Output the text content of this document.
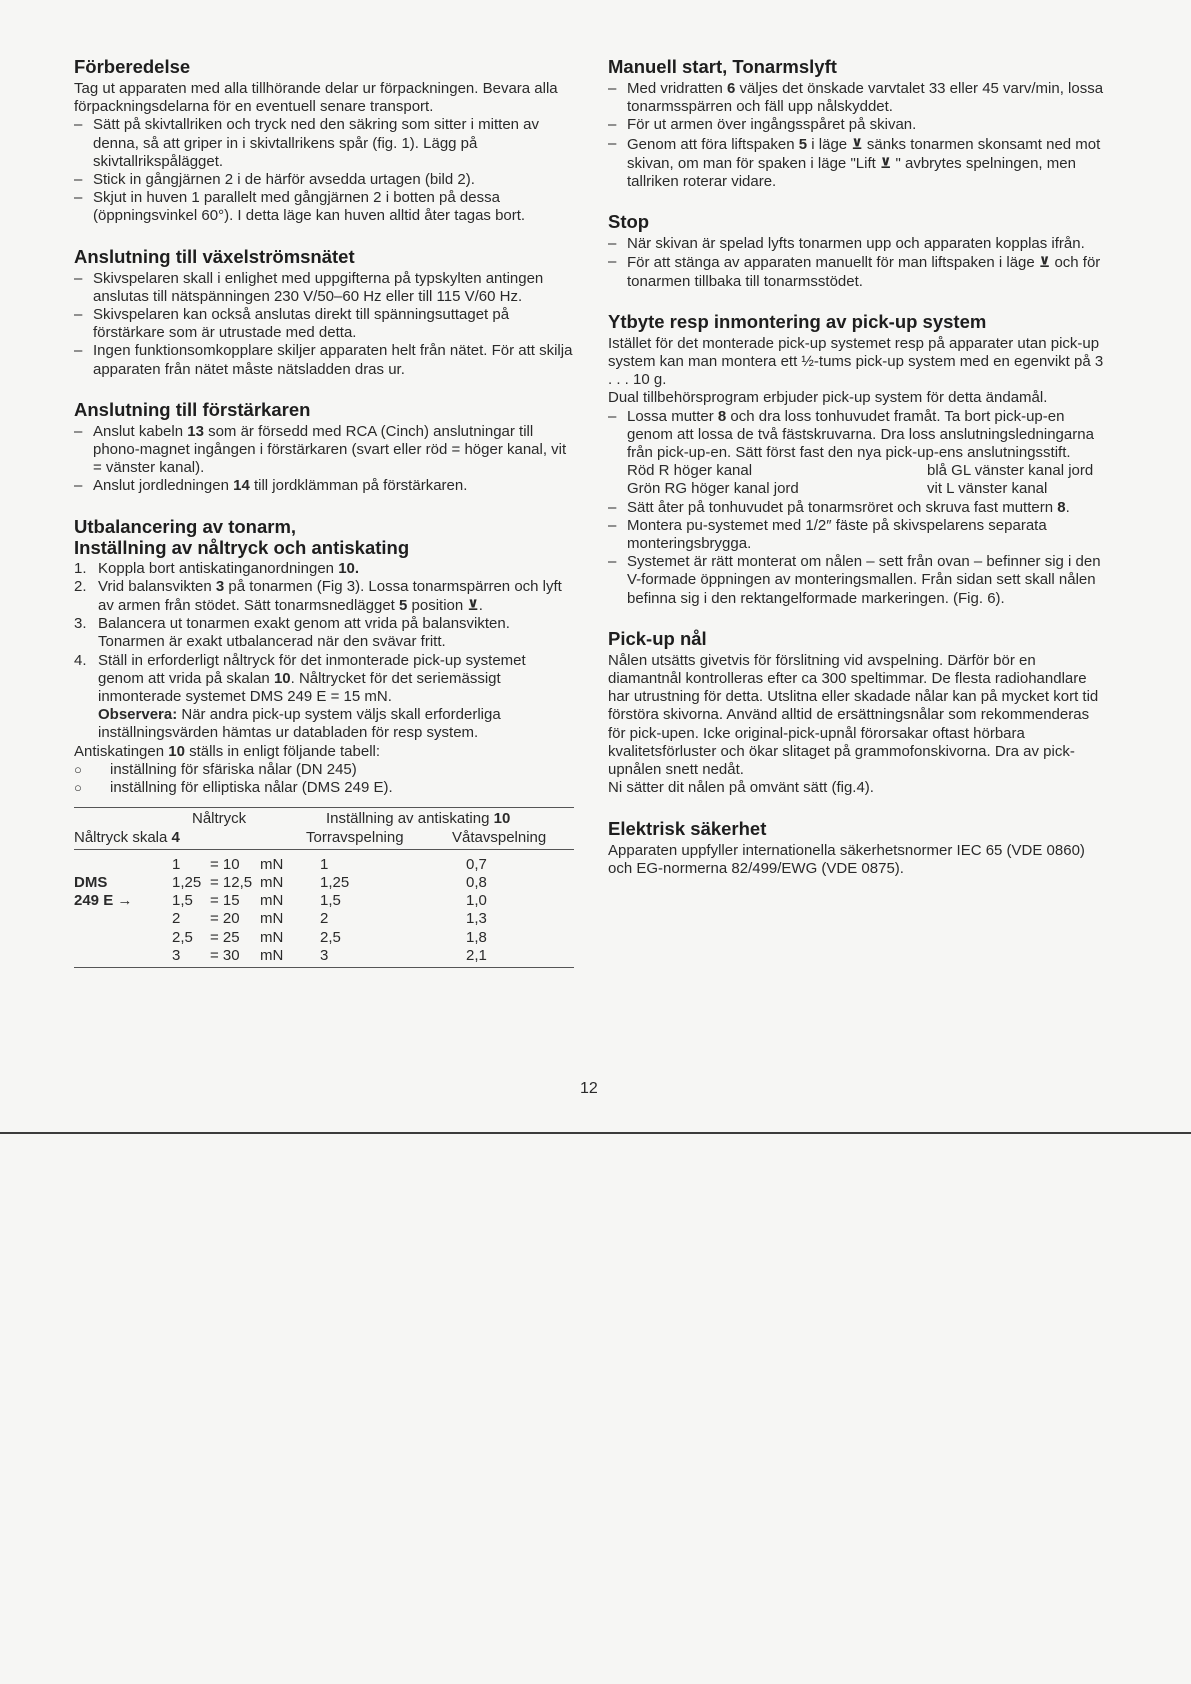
Förberedelse

Tag ut apparaten med alla tillhörande delar ur förpackningen. Bevara alla förpackningsdelarna för en eventuell senare transport.

– Sätt på skivtallriken och tryck ned den säkring som sitter i mitten av denna, så att griper in i skivtallrikens spår (fig. 1). Lägg på skivtallrikspålägget.
– Stick in gångjärnen 2 i de härför avsedda urtagen (bild 2).
– Skjut in huven 1 parallelt med gångjärnen 2 i botten på dessa (öppningsvinkel 60°). I detta läge kan huven alltid åter tagas bort.
Anslutning till växelströmsnätet
– Skivspelaren skall i enlighet med uppgifterna på typskylten antingen anslutas till nätspänningen 230 V/50–60 Hz eller till 115 V/60 Hz.
– Skivspelaren kan också anslutas direkt till spänningsuttaget på förstärkare som är utrustade med detta.
– Ingen funktionsomkopplare skiljer apparaten helt från nätet. För att skilja apparaten från nätet måste nätsladden dras ur.
Anslutning till förstärkaren
– Anslut kabeln 13 som är försedd med RCA (Cinch) anslutningar till phono-magnet ingången i förstärkaren (svart eller röd = höger kanal, vit = vänster kanal).
– Anslut jordledningen 14 till jordklämman på förstärkaren.
Utbalancering av tonarm,
Inställning av nåltryck och antiskating
1. Koppla bort antiskatinganordningen 10.
2. Vrid balansvikten 3 på tonarmen (Fig 3). Lossa tonarmspärren och lyft av armen från stödet. Sätt tonarmsnedlägget 5 position ⊻.
3. Balancera ut tonarmen exakt genom att vrida på balansvikten. Tonarmen är exakt utbalancerad när den svävar fritt.
4. Ställ in erforderligt nåltryck för det inmonterade pick-up systemet genom att vrida på skalan 10. Nåltrycket för det seriemässigt inmonterade systemet DMS 249 E = 15 mN.
Observera: När andra pick-up system väljs skall erforderliga inställningsvärden hämtas ur databladen för resp system.

Antiskatingen 10 ställs in enligt följande tabell:

○ inställning för sfäriska nålar (DN 245)
○ inställning för elliptiska nålar (DMS 249 E).
Nåltryck	Inställning av antiskating 10
Nåltryck skala 4	Torravspelning	Våtavspelning
DMS
249 E →
1	= 10	mN	1	0,7
1,25 = 12,5 mN	1,25	0,8
1,5	= 15	mN	1,5	1,0
2	= 20	mN	2	1,3
2,5	= 25	mN	2,5	1,8
3	= 30	mN	3	2,1
Manuell start, Tonarmslyft
– Med vridratten 6 väljes det önskade varvtalet 33 eller 45 varv/min, lossa tonarmsspärren och fäll upp nålskyddet.
– För ut armen över ingångsspåret på skivan.
– Genom att föra liftspaken 5 i läge ⊻ sänks tonarmen skonsamt ned mot skivan, om man för spaken i läge "Lift ⊻ " avbrytes spelningen, men tallriken roterar vidare.
Stop
– När skivan är spelad lyfts tonarmen upp och apparaten kopplas ifrån.
– För att stänga av apparaten manuellt för man liftspaken i läge ⊻ och för tonarmen tillbaka till tonarmsstödet.
Ytbyte resp inmontering av pick-up system

Istället för det monterade pick-up systemet resp på apparater utan pick-up system kan man montera ett ½-tums pick-up system med en egenvikt på 3 . . . 10 g.

Dual tillbehörsprogram erbjuder pick-up system för detta ändamål.

– Lossa mutter 8 och dra loss tonhuvudet framåt. Ta bort pick-up-en genom att lossa de två fästskruvarna. Dra loss anslutningsledningarna från pick-up-en. Sätt först fast den nya pick-up-ens anslutningsstift.
Röd R höger kanal	blå GL vänster kanal jord
Grön RG höger kanal jord	vit L vänster kanal
– Sätt åter på tonhuvudet på tonarmsröret och skruva fast muttern 8.
– Montera pu-systemet med 1/2″ fäste på skivspelarens separata monteringsbrygga.
– Systemet är rätt monterat om nålen – sett från ovan – befinner sig i den V-formade öppningen av monteringsmallen. Från sidan sett skall nålen befinna sig i den rektangelformade markeringen. (Fig. 6).
Pick-up nål

Nålen utsätts givetvis för förslitning vid avspelning. Därför bör en diamantnål kontrolleras efter ca 300 speltimmar. De flesta radiohandlare har utrustning för detta. Utslitna eller skadade nålar kan på mycket kort tid förstöra skivorna. Använd alltid de ersättningsnålar som rekommenderas för pick-upen. Icke original-pick-upnål förorsakar oftast hörbara kvalitetsförluster och ökar slitaget på grammofonskivorna. Dra av pick-upnålen snett nedåt.

Ni sätter dit nålen på omvänt sätt (fig.4).

Elektrisk säkerhet

Apparaten uppfyller internationella säkerhetsnormer IEC 65 (VDE 0860) och EG-normerna 82/499/EWG (VDE 0875).

12
